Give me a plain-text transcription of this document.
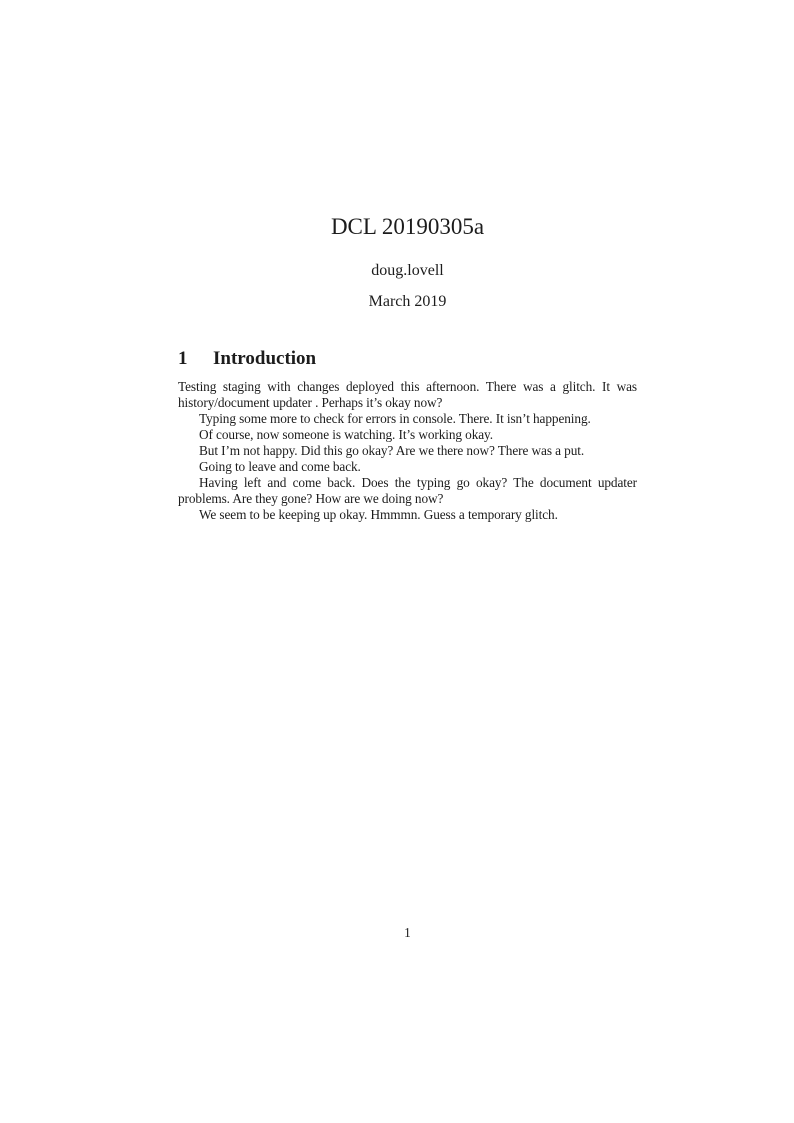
DCL 20190305a
doug.lovell
March 2019
1 Introduction

Testing staging with changes deployed this afternoon. There was a glitch. It was history/document updater . Perhaps it’s okay now?

Typing some more to check for errors in console. There. It isn’t happening.

Of course, now someone is watching. It’s working okay.

But I’m not happy. Did this go okay? Are we there now? There was a put.

Going to leave and come back.

Having left and come back. Does the typing go okay? The document updater problems. Are they gone? How are we doing now?

We seem to be keeping up okay. Hmmmn. Guess a temporary glitch.

1
